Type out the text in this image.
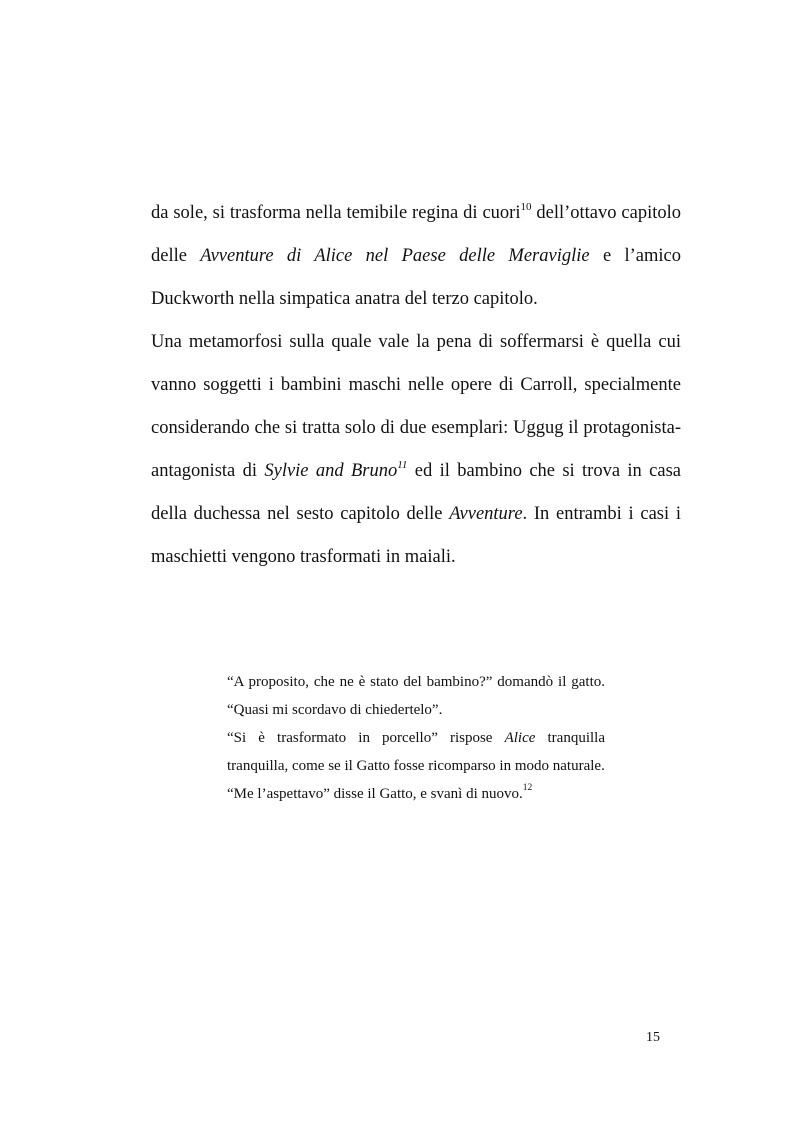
da sole, si trasforma nella temibile regina di cuori$^{10}$ dell’ottavo capitolo delle Avventure di Alice nel Paese delle Meraviglie e l’amico Duckworth nella simpatica anatra del terzo capitolo.

Una metamorfosi sulla quale vale la pena di soffermarsi è quella cui vanno soggetti i bambini maschi nelle opere di Carroll, specialmente considerando che si tratta solo di due esemplari: Uggug il protagonista-antagonista di Sylvie and Bruno$^{11}$ ed il bambino che si trova in casa della duchessa nel sesto capitolo delle Avventure. In entrambi i casi i maschietti vengono trasformati in maiali.

“A proposito, che ne è stato del bambino?” domandò il gatto. “Quasi mi scordavo di chiedertelo”.

“Si è trasformato in porcello” rispose Alice tranquilla tranquilla, come se il Gatto fosse ricomparso in modo naturale.

“Me l’aspettavo” disse il Gatto, e svanì di nuovo.$^{12}$

15
